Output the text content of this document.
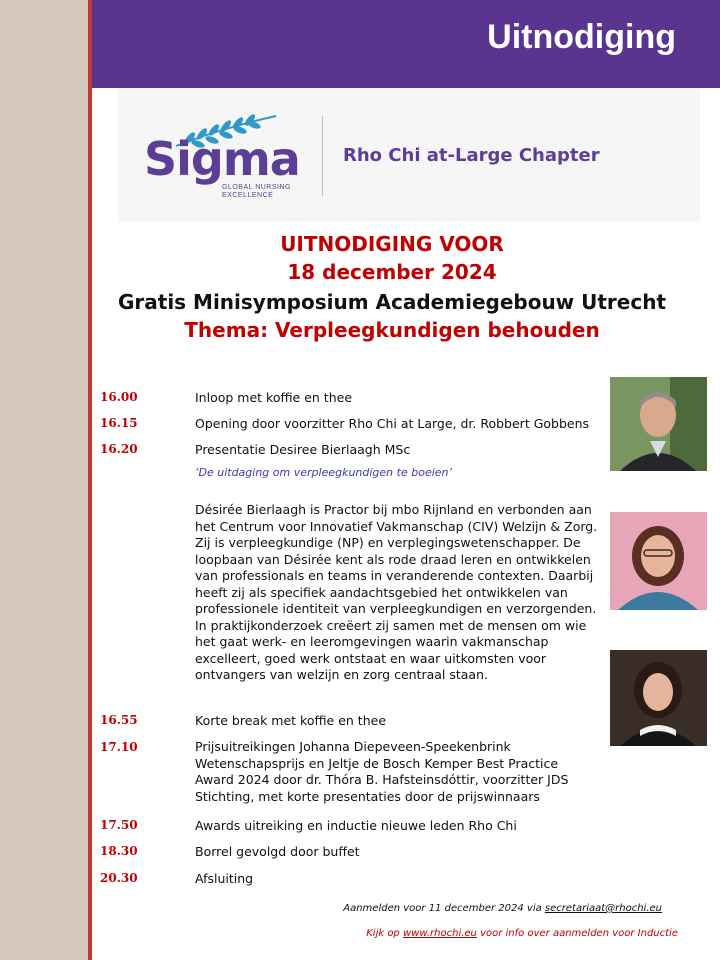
Uitnodiging
Sigma
GLOBAL NURSING
EXCELLENCE
Rho Chi at-Large Chapter
UITNODIGING VOOR
18 december 2024
Gratis Minisymposium Academiegebouw Utrecht
Thema: Verpleegkundigen behouden
16.00	Inloop met koffie en thee
16.15	Opening door voorzitter Rho Chi at Large, dr. Robbert Gobbens
16.20	Presentatie Desiree Bierlaagh MSc
‘De uitdaging om verpleegkundigen te boeien’

Désirée Bierlaagh is Practor bij mbo Rijnland en verbonden aan het Centrum voor Innovatief Vakmanschap (CIV) Welzijn & Zorg. Zij is verpleegkundige (NP) en verplegingswetenschapper. De loopbaan van Désirée kent als rode draad leren en ontwikkelen van professionals en teams in veranderende contexten. Daarbij heeft zij als specifiek aandachtsgebied het ontwikkelen van professionele identiteit van verpleegkundigen en verzorgenden. In praktijkonderzoek creëert zij samen met de mensen om wie het gaat werk- en leeromgevingen waarin vakmanschap excelleert, goed werk ontstaat en waar uitkomsten voor ontvangers van welzijn en zorg centraal staan.

16.55	Korte break met koffie en thee
17.10	Prijsuitreikingen Johanna Diepeveen-Speekenbrink Wetenschapsprijs en Jeltje de Bosch Kemper Best Practice Award 2024 door dr. Thóra B. Hafsteinsdóttir, voorzitter JDS Stichting, met korte presentaties door de prijswinnaars
17.50	Awards uitreiking en inductie nieuwe leden Rho Chi
18.30	Borrel gevolgd door buffet
20.30	Afsluiting
Aanmelden voor 11 december 2024 via secretariaat@rhochi.eu
Kijk op www.rhochi.eu voor info over aanmelden voor Inductie
